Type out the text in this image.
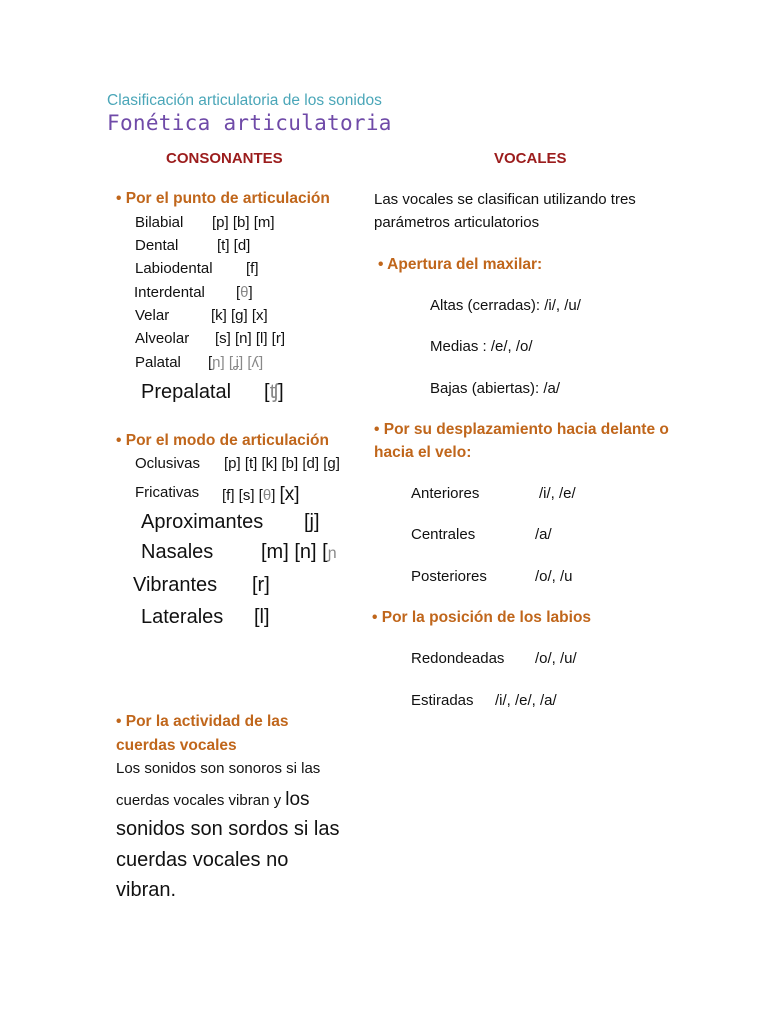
Clasificación articulatoria de los sonidos
Fonética articulatoria
CONSONANTES
• Por el punto de articulación
Bilabial [p] [b] [m]
Dental	[t] [d]
Labiodental [f]
Interdental [θ]
Velar	[k] [g] [x]
Alveolar [s] [n] [l] [r]
Palatal [ɲ] [ʝ] [ʎ]
Prepalatal [ʧ]
• Por el modo de articulación
Oclusivas [p] [t] [k] [b] [d] [g]
Fricativas [f] [s] [θ] [x]
Aproximantes [j]
Nasales [m] [n] [ɲ
Vibrantes [r]
Laterales [l]
• Por la actividad de las
cuerdas vocales
Los sonidos son sonoros si las
cuerdas vocales vibran y los
sonidos son sordos si las
cuerdas vocales no
vibran.
VOCALES
Las vocales se clasifican utilizando tres
parámetros articulatorios
• Apertura del maxilar:
Altas (cerradas): /i/, /u/
Medias : /e/, /o/
Bajas (abiertas): /a/
• Por su desplazamiento hacia delante o
hacia el velo:
Anteriores	/i/, /e/
Centrales	/a/
Posteriores	/o/, /u
• Por la posición de los labios
Redondeadas /o/, /u/
Estiradas /i/, /e/, /a/
